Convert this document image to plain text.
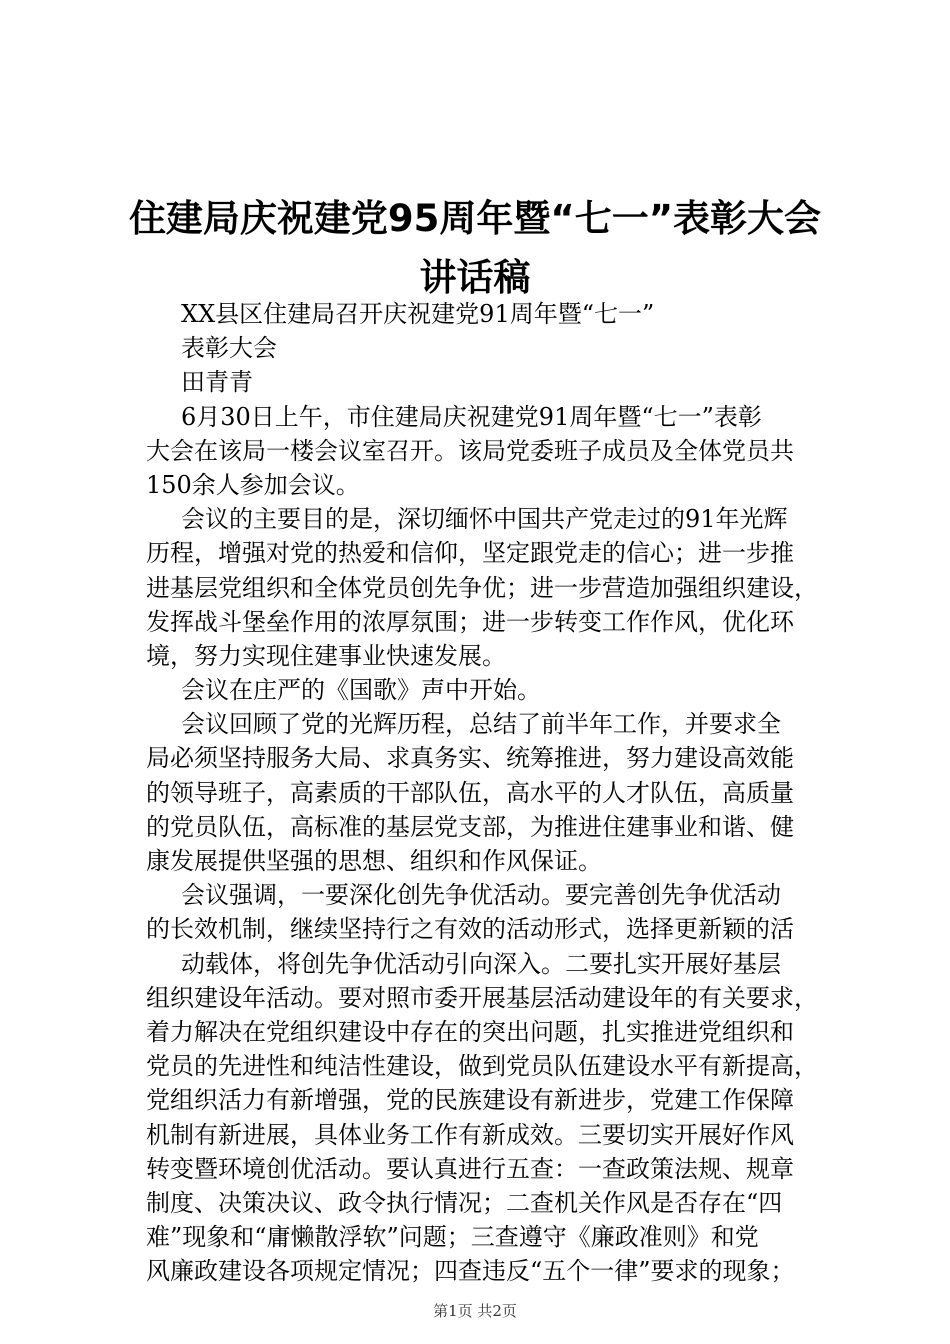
住建局庆祝建党95周年暨“七一”表彰大会
讲话稿
XX县区住建局召开庆祝建党91周年暨“七一”
表彰大会
田青青
6月30日上午，市住建局庆祝建党91周年暨“七一”表彰
大会在该局一楼会议室召开。该局党委班子成员及全体党员共
150余人参加会议。
会议的主要目的是，深切缅怀中国共产党走过的91年光辉
历程，增强对党的热爱和信仰，坚定跟党走的信心；进一步推
进基层党组织和全体党员创先争优；进一步营造加强组织建设，
发挥战斗堡垒作用的浓厚氛围；进一步转变工作作风，优化环
境，努力实现住建事业快速发展。
会议在庄严的《国歌》声中开始。
会议回顾了党的光辉历程，总结了前半年工作，并要求全
局必须坚持服务大局、求真务实、统筹推进，努力建设高效能
的领导班子，高素质的干部队伍，高水平的人才队伍，高质量
的党员队伍，高标准的基层党支部，为推进住建事业和谐、健
康发展提供坚强的思想、组织和作风保证。
会议强调，一要深化创先争优活动。要完善创先争优活动
的长效机制，继续坚持行之有效的活动形式，选择更新颖的活
动载体，将创先争优活动引向深入。二要扎实开展好基层
组织建设年活动。要对照市委开展基层活动建设年的有关要求，
着力解决在党组织建设中存在的突出问题，扎实推进党组织和
党员的先进性和纯洁性建设，做到党员队伍建设水平有新提高，
党组织活力有新增强，党的民族建设有新进步，党建工作保障
机制有新进展，具体业务工作有新成效。三要切实开展好作风
转变暨环境创优活动。要认真进行五查：一查政策法规、规章
制度、决策决议、政令执行情况；二查机关作风是否存在“四
难”现象和“庸懒散浮软”问题；三查遵守《廉政准则》和党
风廉政建设各项规定情况；四查违反“五个一律”要求的现象；
第1页 共2页
